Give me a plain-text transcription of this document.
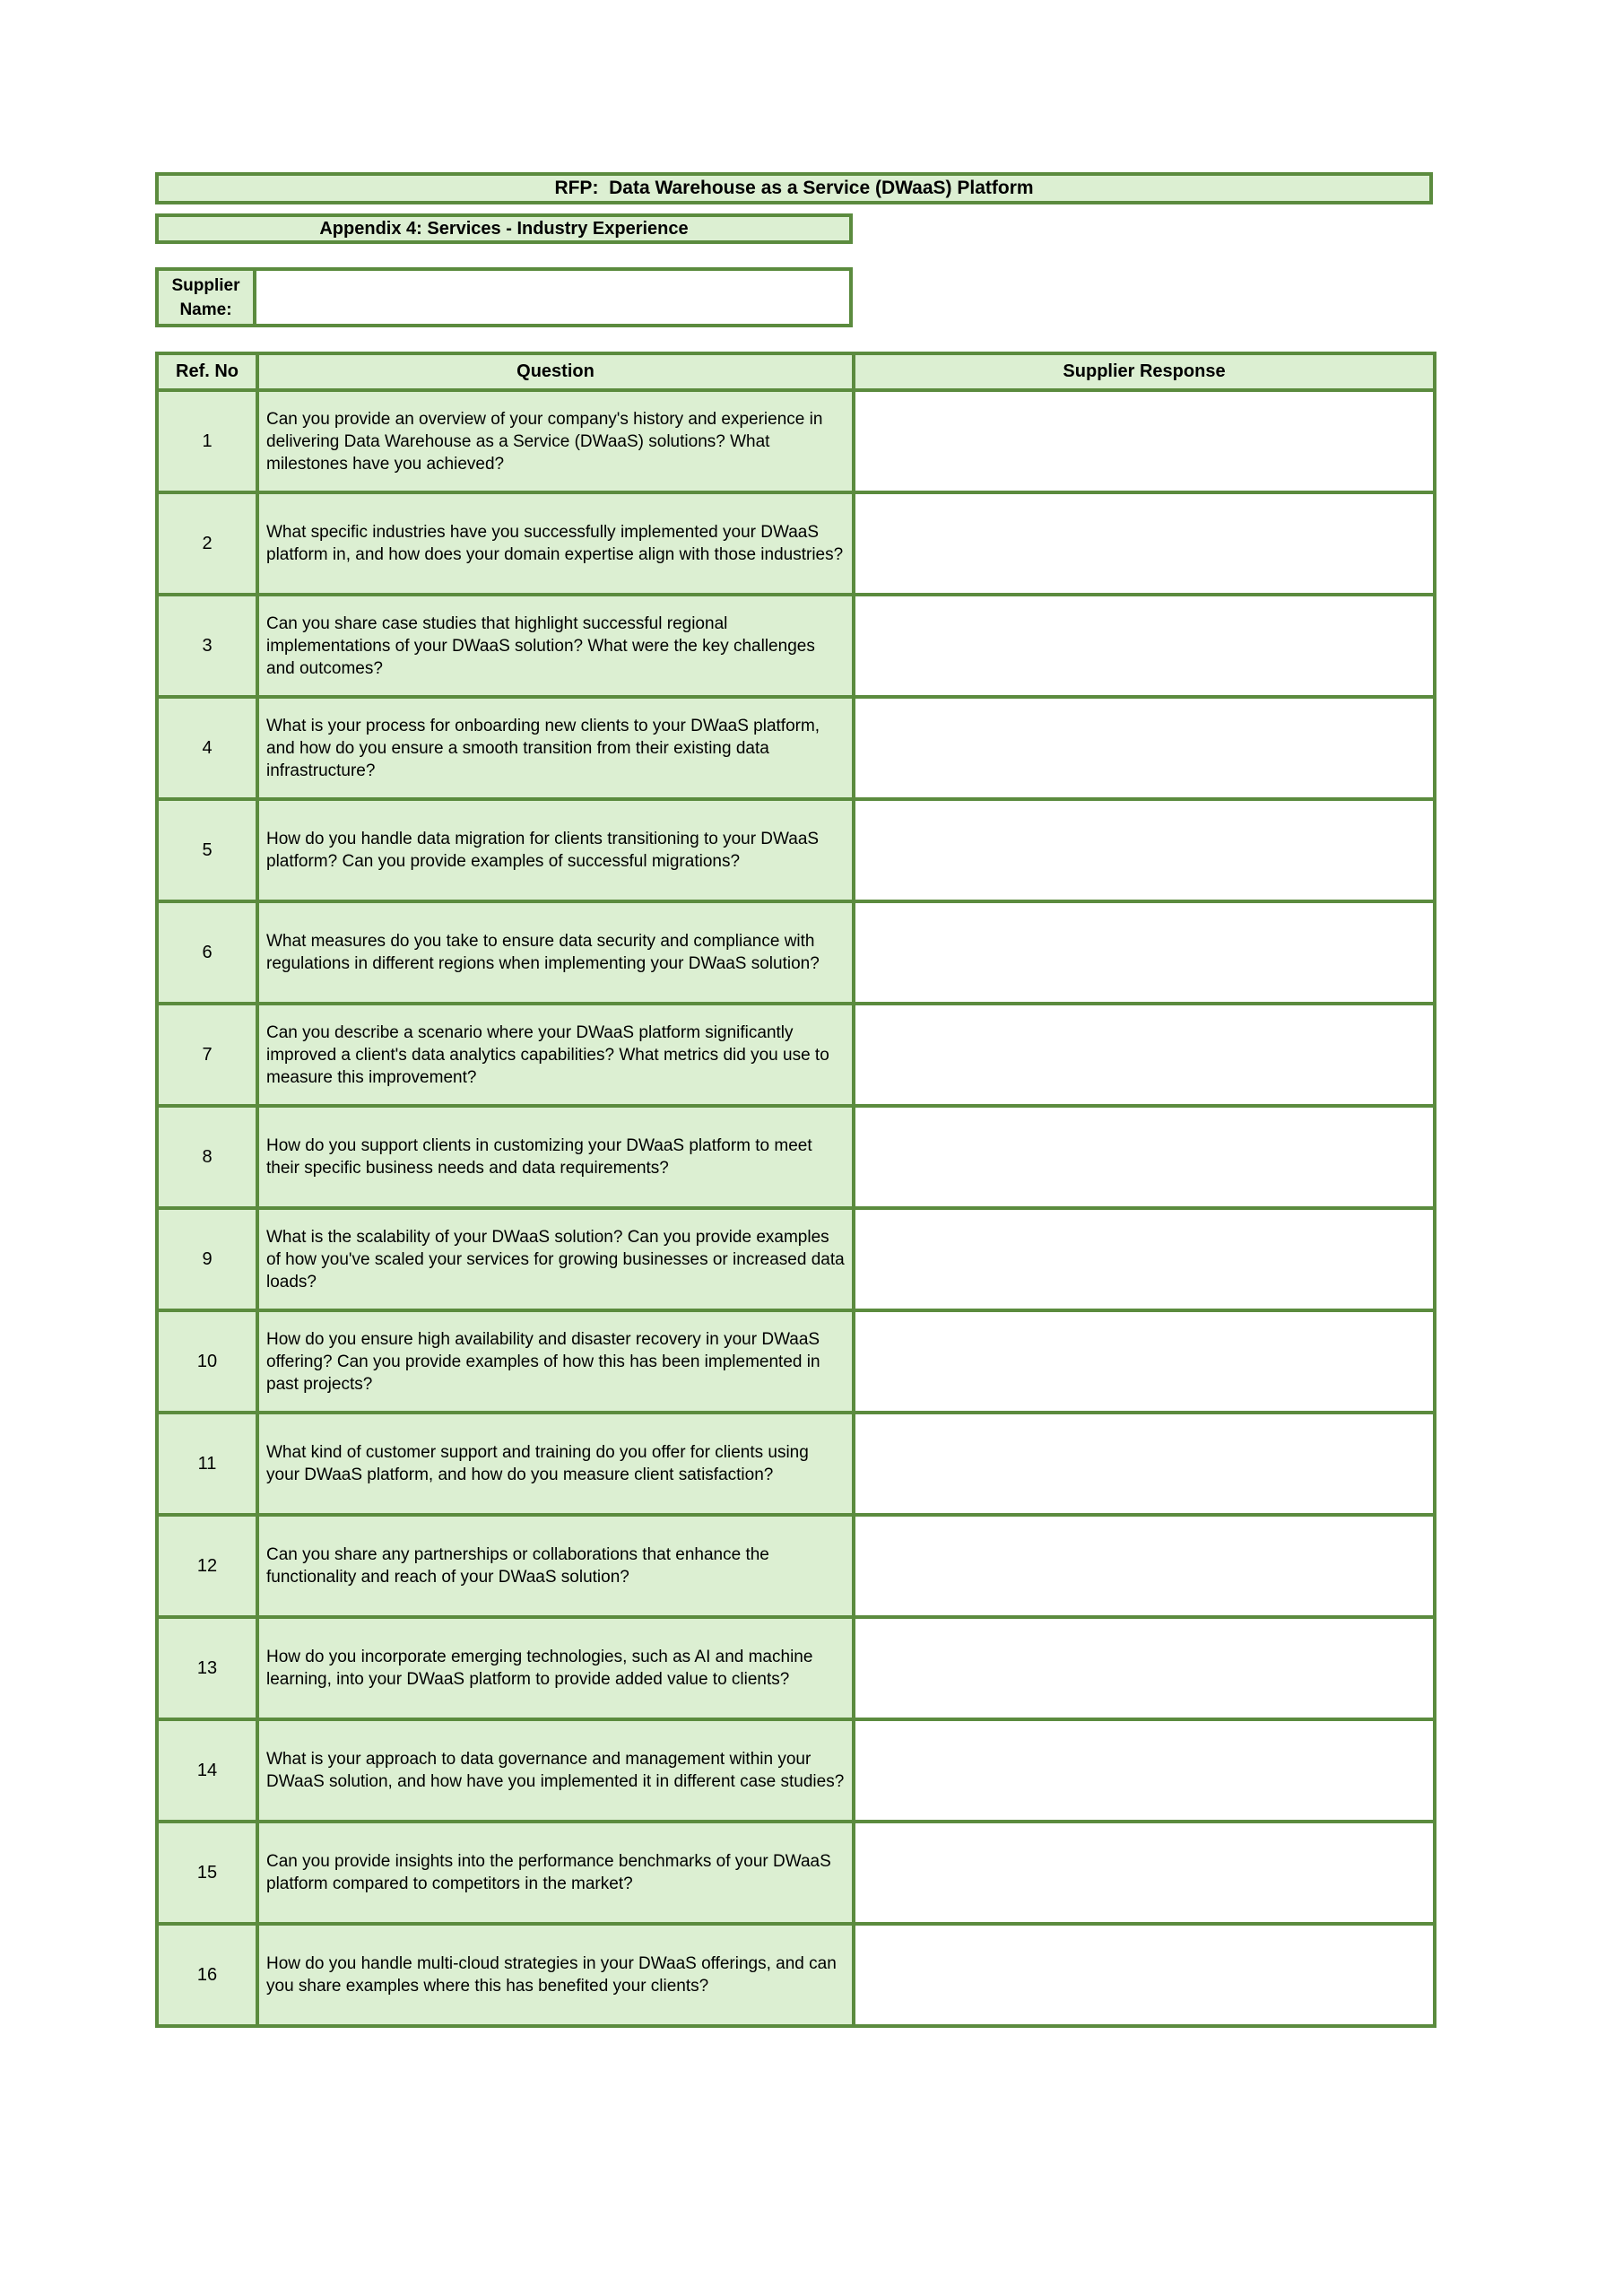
RFP:  Data Warehouse as a Service (DWaaS) Platform
Appendix 4: Services - Industry Experience
Supplier Name:
Ref. No	Question	Supplier Response
1	Can you provide an overview of your company's history and experience in delivering Data Warehouse as a Service (DWaaS) solutions? What milestones have you achieved?	
2	What specific industries have you successfully implemented your DWaaS platform in, and how does your domain expertise align with those industries?	
3	Can you share case studies that highlight successful regional implementations of your DWaaS solution? What were the key challenges and outcomes?	
4	What is your process for onboarding new clients to your DWaaS platform, and how do you ensure a smooth transition from their existing data infrastructure?	
5	How do you handle data migration for clients transitioning to your DWaaS platform? Can you provide examples of successful migrations?	
6	What measures do you take to ensure data security and compliance with regulations in different regions when implementing your DWaaS solution?	
7	Can you describe a scenario where your DWaaS platform significantly improved a client's data analytics capabilities? What metrics did you use to measure this improvement?	
8	How do you support clients in customizing your DWaaS platform to meet their specific business needs and data requirements?	
9	What is the scalability of your DWaaS solution? Can you provide examples of how you've scaled your services for growing businesses or increased data loads?	
10	How do you ensure high availability and disaster recovery in your DWaaS offering? Can you provide examples of how this has been implemented in past projects?	
11	What kind of customer support and training do you offer for clients using your DWaaS platform, and how do you measure client satisfaction?	
12	Can you share any partnerships or collaborations that enhance the functionality and reach of your DWaaS solution?	
13	How do you incorporate emerging technologies, such as AI and machine learning, into your DWaaS platform to provide added value to clients?	
14	What is your approach to data governance and management within your DWaaS solution, and how have you implemented it in different case studies?	
15	Can you provide insights into the performance benchmarks of your DWaaS platform compared to competitors in the market?	
16	How do you handle multi-cloud strategies in your DWaaS offerings, and can you share examples where this has benefited your clients?	
